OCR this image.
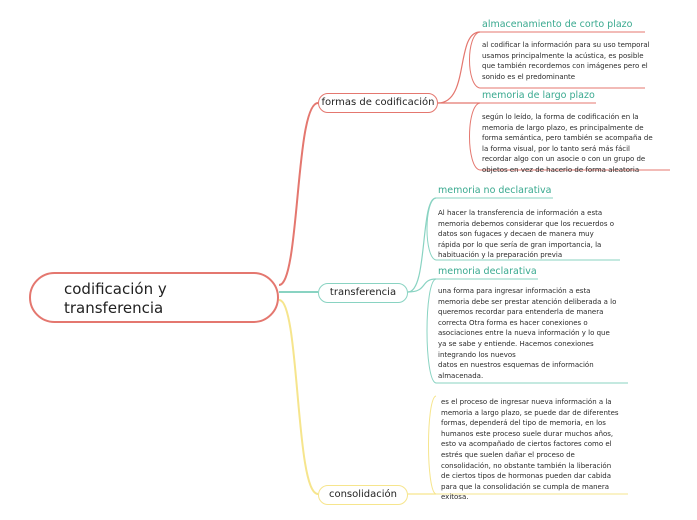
codificación y
transferencia
formas de codificación
almacenamiento de corto plazo
al codificar la información para su uso temporal
usamos principalmente la acústica, es posible
que también recordemos con imágenes pero el
sonido es el predominante
memoria de largo plazo
según lo leído, la forma de codificación en la
memoria de largo plazo, es principalmente de
forma semántica, pero también se acompaña de
la forma visual, por lo tanto será más fácil
recordar algo con un asocie o con un grupo de
objetos en vez de hacerlo de forma aleatoria
transferencia
memoria no declarativa
Al hacer la transferencia de información a esta
memoria debemos considerar que los recuerdos o
datos son fugaces y decaen de manera muy
rápida por lo que sería de gran importancia, la
habituación y la preparación previa
memoria declarativa
una forma para ingresar información a esta
memoria debe ser prestar atención deliberada a lo
queremos recordar para entenderla de manera
correcta Otra forma es hacer conexiones o
asociaciones entre la nueva información y lo que
ya se sabe y entiende. Hacemos conexiones
integrando los nuevos
datos en nuestros esquemas de información
almacenada.
consolidación
es el proceso de ingresar nueva información a la
memoria a largo plazo, se puede dar de diferentes
formas, dependerá del tipo de memoria, en los
humanos este proceso suele durar muchos años,
esto va acompañado de ciertos factores como el
estrés que suelen dañar el proceso de
consolidación, no obstante también la liberación
de ciertos tipos de hormonas pueden dar cabida
para que la consolidación se cumpla de manera
exitosa.
